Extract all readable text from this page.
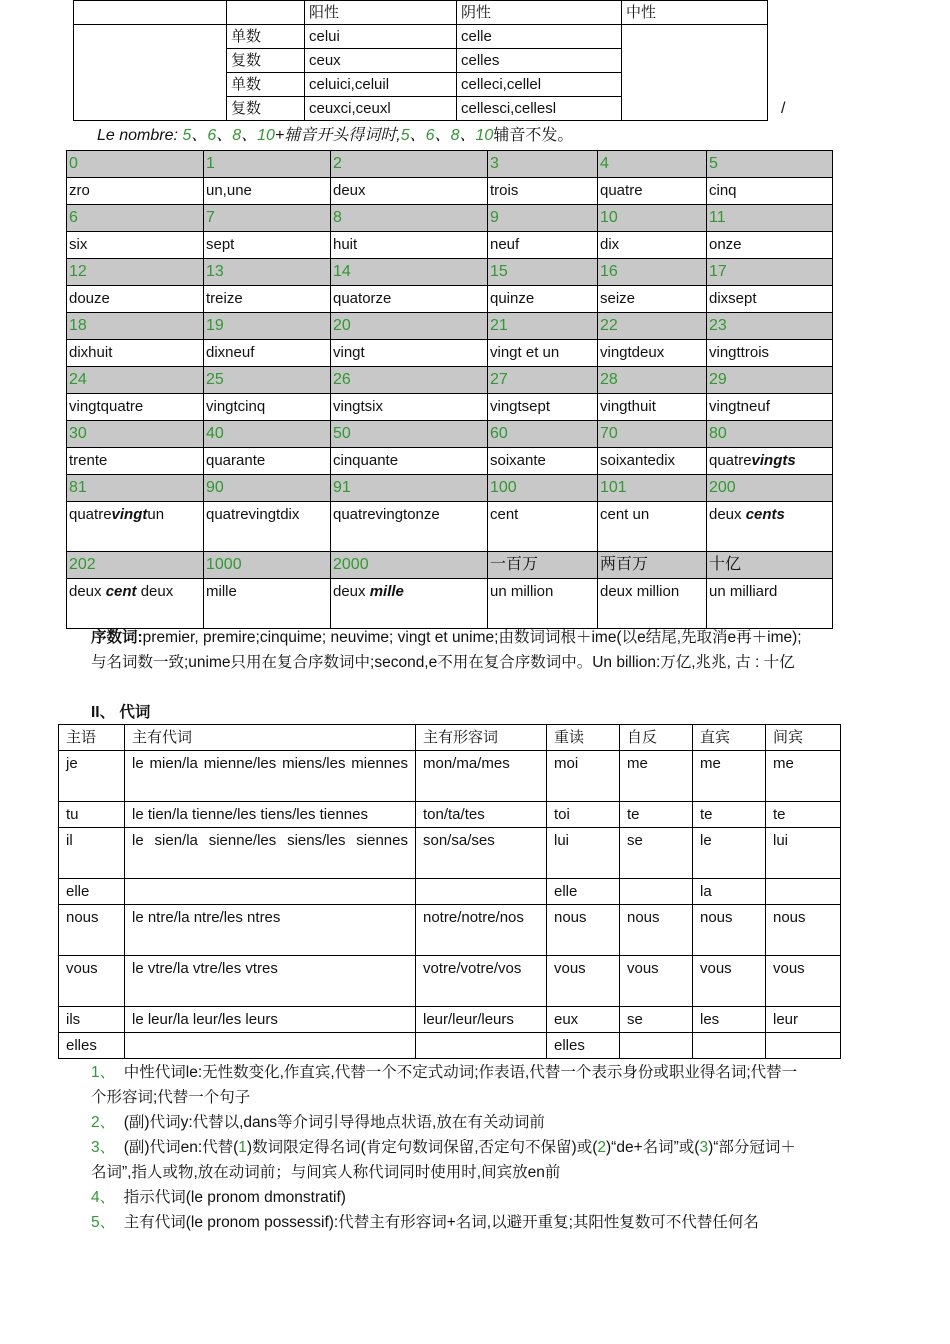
		阳性	阴性	中性
	单数	celui	celle	
	复数	ceux	celles	
	单数	celuici,celuil	celleci,cellel	
	复数	ceuxci,ceuxl	cellesci,cellesl		/
Le nombre: 5、6、8、10+辅音开头得词时,5、6、8、10辅音不发。
0	1	2	3	4	5
zro	un,une	deux	trois	quatre	cinq
6	7	8	9	10	11
six	sept	huit	neuf	dix	onze
12	13	14	15	16	17
douze	treize	quatorze	quinze	seize	dixsept
18	19	20	21	22	23
dixhuit	dixneuf	vingt	vingt et un	vingtdeux	vingttrois
24	25	26	27	28	29
vingtquatre	vingtcinq	vingtsix	vingtsept	vingthuit	vingtneuf
30	40	50	60	70	80
trente	quarante	cinquante	soixante	soixantedix	quatrevingts
81	90	91	100	101	200
quatrevingtun	quatrevingtdix	quatrevingtonze	cent	cent un	deux cents
202	1000	2000	一百万	两百万	十亿
deux cent deux	mille	deux mille	un million	deux million	un milliard
序数词:premier, premire;cinquime; neuvime; vingt et unime;由数词词根＋ime(以e结尾,先取消e再＋ime);与名词数一致;unime只用在复合序数词中;second,e不用在复合序数词中。Un billion:万亿,兆兆, 古 : 十亿
II、 代词
主语	主有代词	主有形容词	重读	自反	直宾	间宾
je	le mien/la mienne/les miens/les miennes	mon/ma/mes	moi	me	me	me
tu	le tien/la tienne/les tiens/les tiennes	ton/ta/tes	toi	te	te	te
il	le sien/la sienne/les siens/les siennes	son/sa/ses	lui	se	le	lui
elle			elle		la	
nous	le ntre/la ntre/les ntres	notre/notre/nos	nous	nous	nous	nous
vous	le vtre/la vtre/les vtres	votre/votre/vos	vous	vous	vous	vous
ils	le leur/la leur/les leurs	leur/leur/leurs	eux	se	les	leur
elles			elles			
1、 中性代词le:无性数变化,作直宾,代替一个不定式动词;作表语,代替一个表示身份或职业得名词;代替一个形容词;代替一个句子
2、 (副)代词y:代替以,dans等介词引导得地点状语,放在有关动词前
3、 (副)代词en:代替(1)数词限定得名词(肯定句数词保留,否定句不保留)或(2)“de+名词”或(3)“部分冠词＋名词”,指人或物,放在动词前；与间宾人称代词同时使用时,间宾放en前
4、 指示代词(le pronom dmonstratif)
5、 主有代词(le pronom possessif):代替主有形容词+名词,以避开重复;其阳性复数可不代替任何名
